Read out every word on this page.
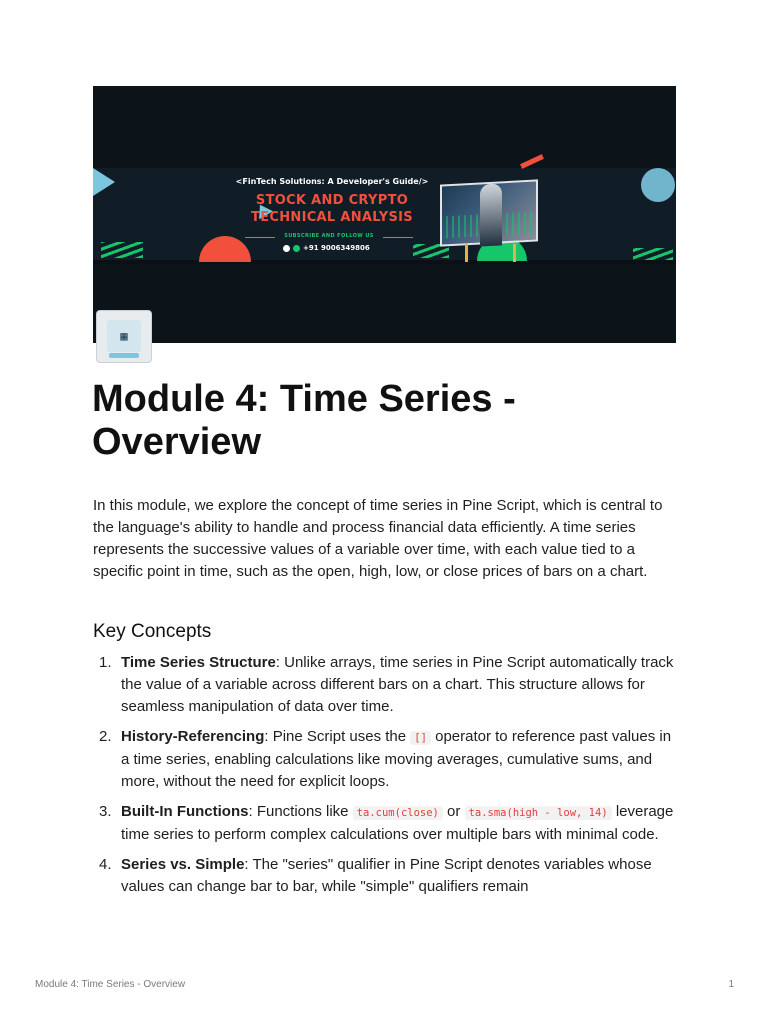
<FinTech Solutions: A Developer's Guide/>
STOCK AND CRYPTO
TECHNICAL ANALYSIS
SUBSCRIBE AND FOLLOW US
+91 9006349806
▦
Module 4: Time Series - Overview

In this module, we explore the concept of time series in Pine Script, which is central to the language's ability to handle and process financial data efficiently. A time series represents the successive values of a variable over time, with each value tied to a specific point in time, such as the open, high, low, or close prices of bars on a chart.

Key Concepts
1. Time Series Structure: Unlike arrays, time series in Pine Script automatically track the value of a variable across different bars on a chart. This structure allows for seamless manipulation of data over time.
2. History-Referencing: Pine Script uses the [] operator to reference past values in a time series, enabling calculations like moving averages, cumulative sums, and more, without the need for explicit loops.
3. Built-In Functions: Functions like ta.cum(close) or ta.sma(high - low, 14) leverage time series to perform complex calculations over multiple bars with minimal code.
4. Series vs. Simple: The "series" qualifier in Pine Script denotes variables whose values can change bar to bar, while "simple" qualifiers remain
Module 4: Time Series - Overview	1
